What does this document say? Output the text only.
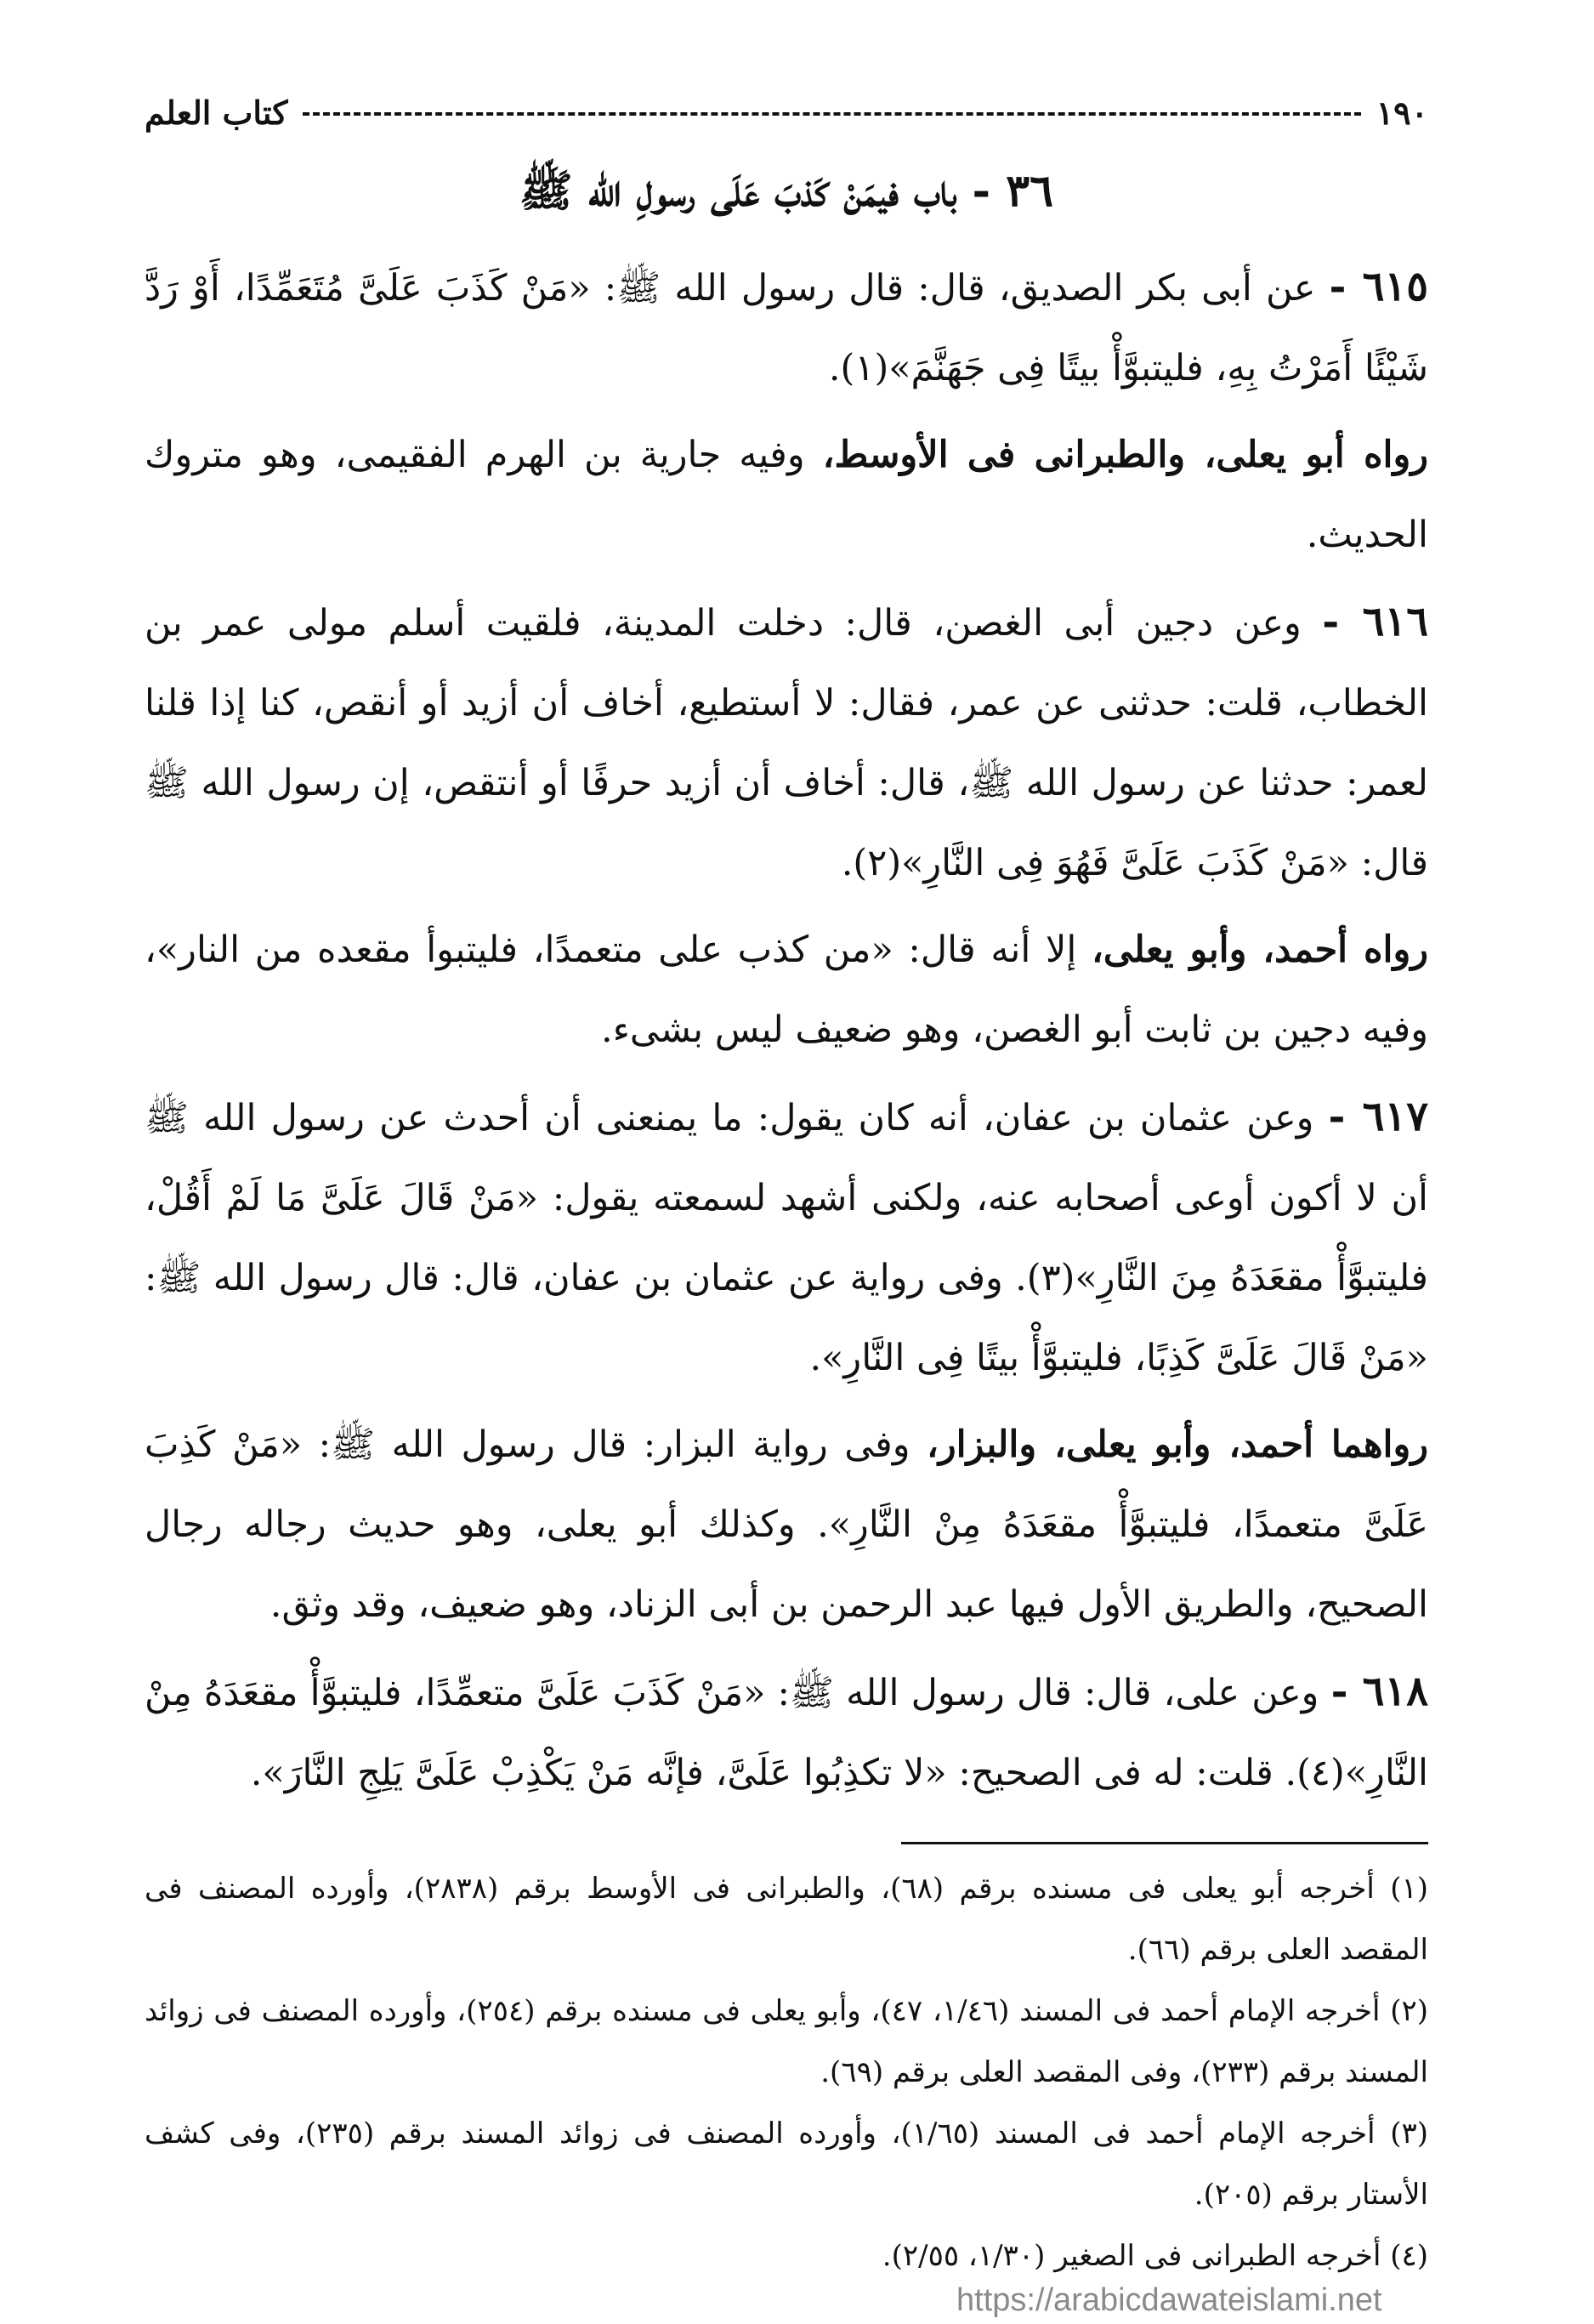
١٩٠
كتاب العلم
٣٦ - باب فيمَنْ كَذبَ عَلَى رسولِ الله ﷺ

٦١٥ - عن أبى بكر الصديق، قال: قال رسول الله ﷺ: «مَنْ كَذَبَ عَلَىَّ مُتَعَمِّدًا، أَوْ رَدَّ شَيْئًا أَمَرْتُ بِهِ، فليتبوَّأْ بيتًا فِى جَهَنَّمَ»(١).

رواه أبو يعلى، والطبرانى فى الأوسط، وفيه جارية بن الهرم الفقيمى، وهو متروك الحديث.

٦١٦ - وعن دجين أبى الغصن، قال: دخلت المدينة، فلقيت أسلم مولى عمر بن الخطاب، قلت: حدثنى عن عمر، فقال: لا أستطيع، أخاف أن أزيد أو أنقص، كنا إذا قلنا لعمر: حدثنا عن رسول الله ﷺ، قال: أخاف أن أزيد حرفًا أو أنتقص، إن رسول الله ﷺ قال: «مَنْ كَذَبَ عَلَىَّ فَهُوَ فِى النَّارِ»(٢).

رواه أحمد، وأبو يعلى، إلا أنه قال: «من كذب على متعمدًا، فليتبوأ مقعده من النار»، وفيه دجين بن ثابت أبو الغصن، وهو ضعيف ليس بشىء.

٦١٧ - وعن عثمان بن عفان، أنه كان يقول: ما يمنعنى أن أحدث عن رسول الله ﷺ أن لا أكون أوعى أصحابه عنه، ولكنى أشهد لسمعته يقول: «مَنْ قَالَ عَلَىَّ مَا لَمْ أَقُلْ، فليتبوَّأْ مقعَدَهُ مِنَ النَّارِ»(٣). وفى رواية عن عثمان بن عفان، قال: قال رسول الله ﷺ: «مَنْ قَالَ عَلَىَّ كَذِبًا، فليتبوَّأْ بيتًا فِى النَّارِ».

رواهما أحمد، وأبو يعلى، والبزار، وفى رواية البزار: قال رسول الله ﷺ: «مَنْ كَذِبَ عَلَىَّ متعمدًا، فليتبوَّأْ مقعَدَهُ مِنْ النَّارِ». وكذلك أبو يعلى، وهو حديث رجاله رجال الصحيح، والطريق الأول فيها عبد الرحمن بن أبى الزناد، وهو ضعيف، وقد وثق.

٦١٨ - وعن على، قال: قال رسول الله ﷺ: «مَنْ كَذَبَ عَلَىَّ متعمِّدًا، فليتبوَّأْ مقعَدَهُ مِنْ النَّارِ»(٤). قلت: له فى الصحيح: «لا تكذِبُوا عَلَىَّ، فإنَّه مَنْ يَكْذِبْ عَلَىَّ يَلِجِ النَّارَ».

(١) أخرجه أبو يعلى فى مسنده برقم (٦٨)، والطبرانى فى الأوسط برقم (٢٨٣٨)، وأورده المصنف فى المقصد العلى برقم (٦٦).

(٢) أخرجه الإمام أحمد فى المسند (١/٤٦، ٤٧)، وأبو يعلى فى مسنده برقم (٢٥٤)، وأورده المصنف فى زوائد المسند برقم (٢٣٣)، وفى المقصد العلى برقم (٦٩).

(٣) أخرجه الإمام أحمد فى المسند (١/٦٥)، وأورده المصنف فى زوائد المسند برقم (٢٣٥)، وفى كشف الأستار برقم (٢٠٥).

(٤) أخرجه الطبرانى فى الصغير (١/٣٠، ٢/٥٥).

https://arabicdawateislami.net
